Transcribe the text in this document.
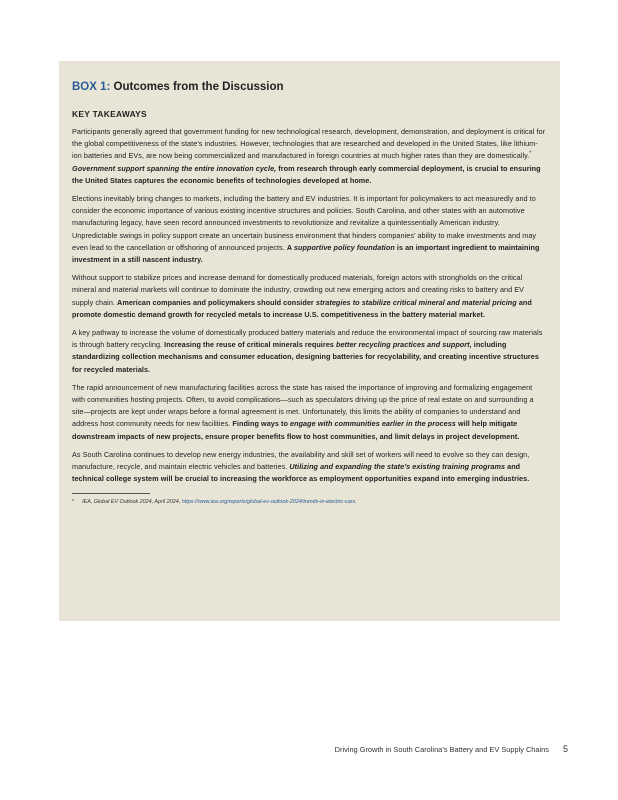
BOX 1: Outcomes from the Discussion
KEY TAKEAWAYS

Participants generally agreed that government funding for new technological research, development, demonstration, and deployment is critical for the global competitiveness of the state’s industries. However, technologies that are researched and developed in the United States, like lithium-ion batteries and EVs, are now being commercialized and manufactured in foreign countries at much higher rates than they are domestically.* Government support spanning the entire innovation cycle, from research through early commercial deployment, is crucial to ensuring the United States captures the economic benefits of technologies developed at home.

Elections inevitably bring changes to markets, including the battery and EV industries. It is important for policymakers to act measuredly and to consider the economic importance of various existing incentive structures and policies. South Carolina, and other states with an automotive manufacturing legacy, have seen record announced investments to revolutionize and revitalize a quintessentially American industry. Unpredictable swings in policy support create an uncertain business environment that hinders companies’ ability to make investments and may even lead to the cancellation or offshoring of announced projects. A supportive policy foundation is an important ingredient to maintaining investment in a still nascent industry.

Without support to stabilize prices and increase demand for domestically produced materials, foreign actors with strongholds on the critical mineral and material markets will continue to dominate the industry, crowding out new emerging actors and creating risks to battery and EV supply chain. American companies and policymakers should consider strategies to stabilize critical mineral and material pricing and promote domestic demand growth for recycled metals to increase U.S. competitiveness in the battery material market.

A key pathway to increase the volume of domestically produced battery materials and reduce the environmental impact of sourcing raw materials is through battery recycling. Increasing the reuse of critical minerals requires better recycling practices and support, including standardizing collection mechanisms and consumer education, designing batteries for recyclability, and creating incentive structures for recycled materials.

The rapid announcement of new manufacturing facilities across the state has raised the importance of improving and formalizing engagement with communities hosting projects. Often, to avoid complications—such as speculators driving up the price of real estate on and surrounding a site—projects are kept under wraps before a formal agreement is met. Unfortunately, this limits the ability of companies to understand and address host community needs for new facilities. Finding ways to engage with communities earlier in the process will help mitigate downstream impacts of new projects, ensure proper benefits flow to host communities, and limit delays in project development.

As South Carolina continues to develop new energy industries, the availability and skill set of workers will need to evolve so they can design, manufacture, recycle, and maintain electric vehicles and batteries. Utilizing and expanding the state’s existing training programs and technical college system will be crucial to increasing the workforce as employment opportunities expand into emerging industries.

* IEA, Global EV Outlook 2024, April 2024, https://www.iea.org/reports/global-ev-outlook-2024/trends-in-electric-cars.
Driving Growth in South Carolina’s Battery and EV Supply Chains 5
